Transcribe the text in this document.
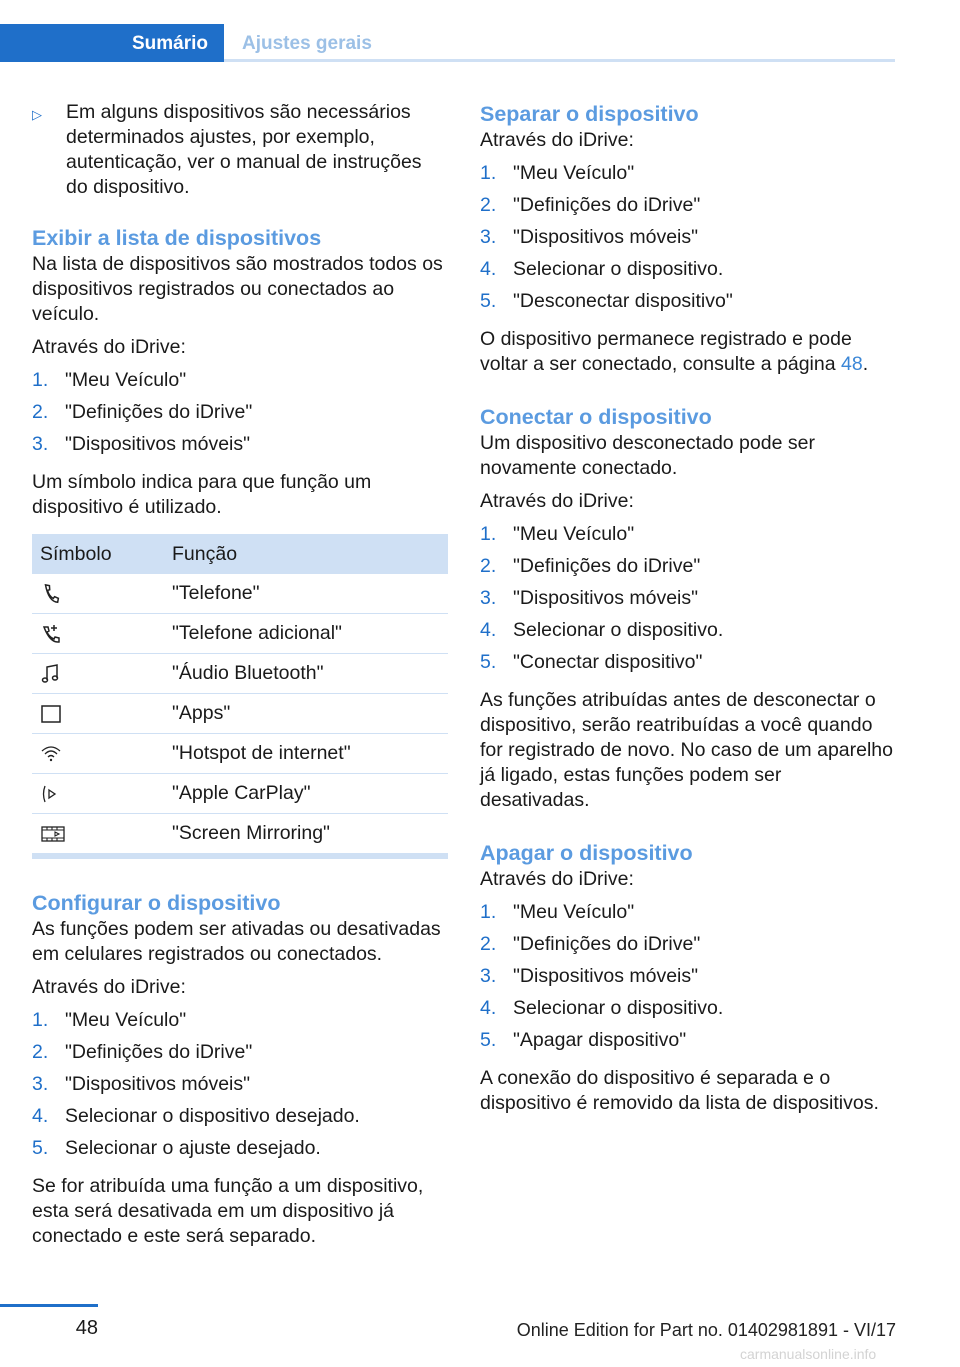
Sumário	Ajustes gerais
▷	Em alguns dispositivos são necessários determinados ajustes, por exemplo, autenticação, ver o manual de instruções do dispositivo.
Exibir a lista de dispositivos

Na lista de dispositivos são mostrados todos os dispositivos registrados ou conectados ao veículo.

Através do iDrive:

1. "Meu Veículo"
2. "Definições do iDrive"
3. "Dispositivos móveis"

Um símbolo indica para que função um dispositivo é utilizado.

Símbolo	Função

	"Telefone"

	"Telefone adicional"

	"Áudio Bluetooth"

	"Apps"

	"Hotspot de internet"

	"Apple CarPlay"

	"Screen Mirroring"
Configurar o dispositivo

As funções podem ser ativadas ou desativadas em celulares registrados ou conectados.

Através do iDrive:

1. "Meu Veículo"
2. "Definições do iDrive"
3. "Dispositivos móveis"
4. Selecionar o dispositivo desejado.
5. Selecionar o ajuste desejado.

Se for atribuída uma função a um dispositivo, esta será desativada em um dispositivo já conectado e este será separado.

Separar o dispositivo

Através do iDrive:

1. "Meu Veículo"
2. "Definições do iDrive"
3. "Dispositivos móveis"
4. Selecionar o dispositivo.
5. "Desconectar dispositivo"

O dispositivo permanece registrado e pode voltar a ser conectado, consulte a página 48.

Conectar o dispositivo

Um dispositivo desconectado pode ser novamente conectado.

Através do iDrive:

1. "Meu Veículo"
2. "Definições do iDrive"
3. "Dispositivos móveis"
4. Selecionar o dispositivo.
5. "Conectar dispositivo"

As funções atribuídas antes de desconectar o dispositivo, serão reatribuídas a você quando for registrado de novo. No caso de um aparelho já ligado, estas funções podem ser desativadas.

Apagar o dispositivo

Através do iDrive:

1. "Meu Veículo"
2. "Definições do iDrive"
3. "Dispositivos móveis"
4. Selecionar o dispositivo.
5. "Apagar dispositivo"

A conexão do dispositivo é separada e o dispositivo é removido da lista de dispositivos.

48	Online Edition for Part no. 01402981891 - VI/17
carmanualsonline.info
